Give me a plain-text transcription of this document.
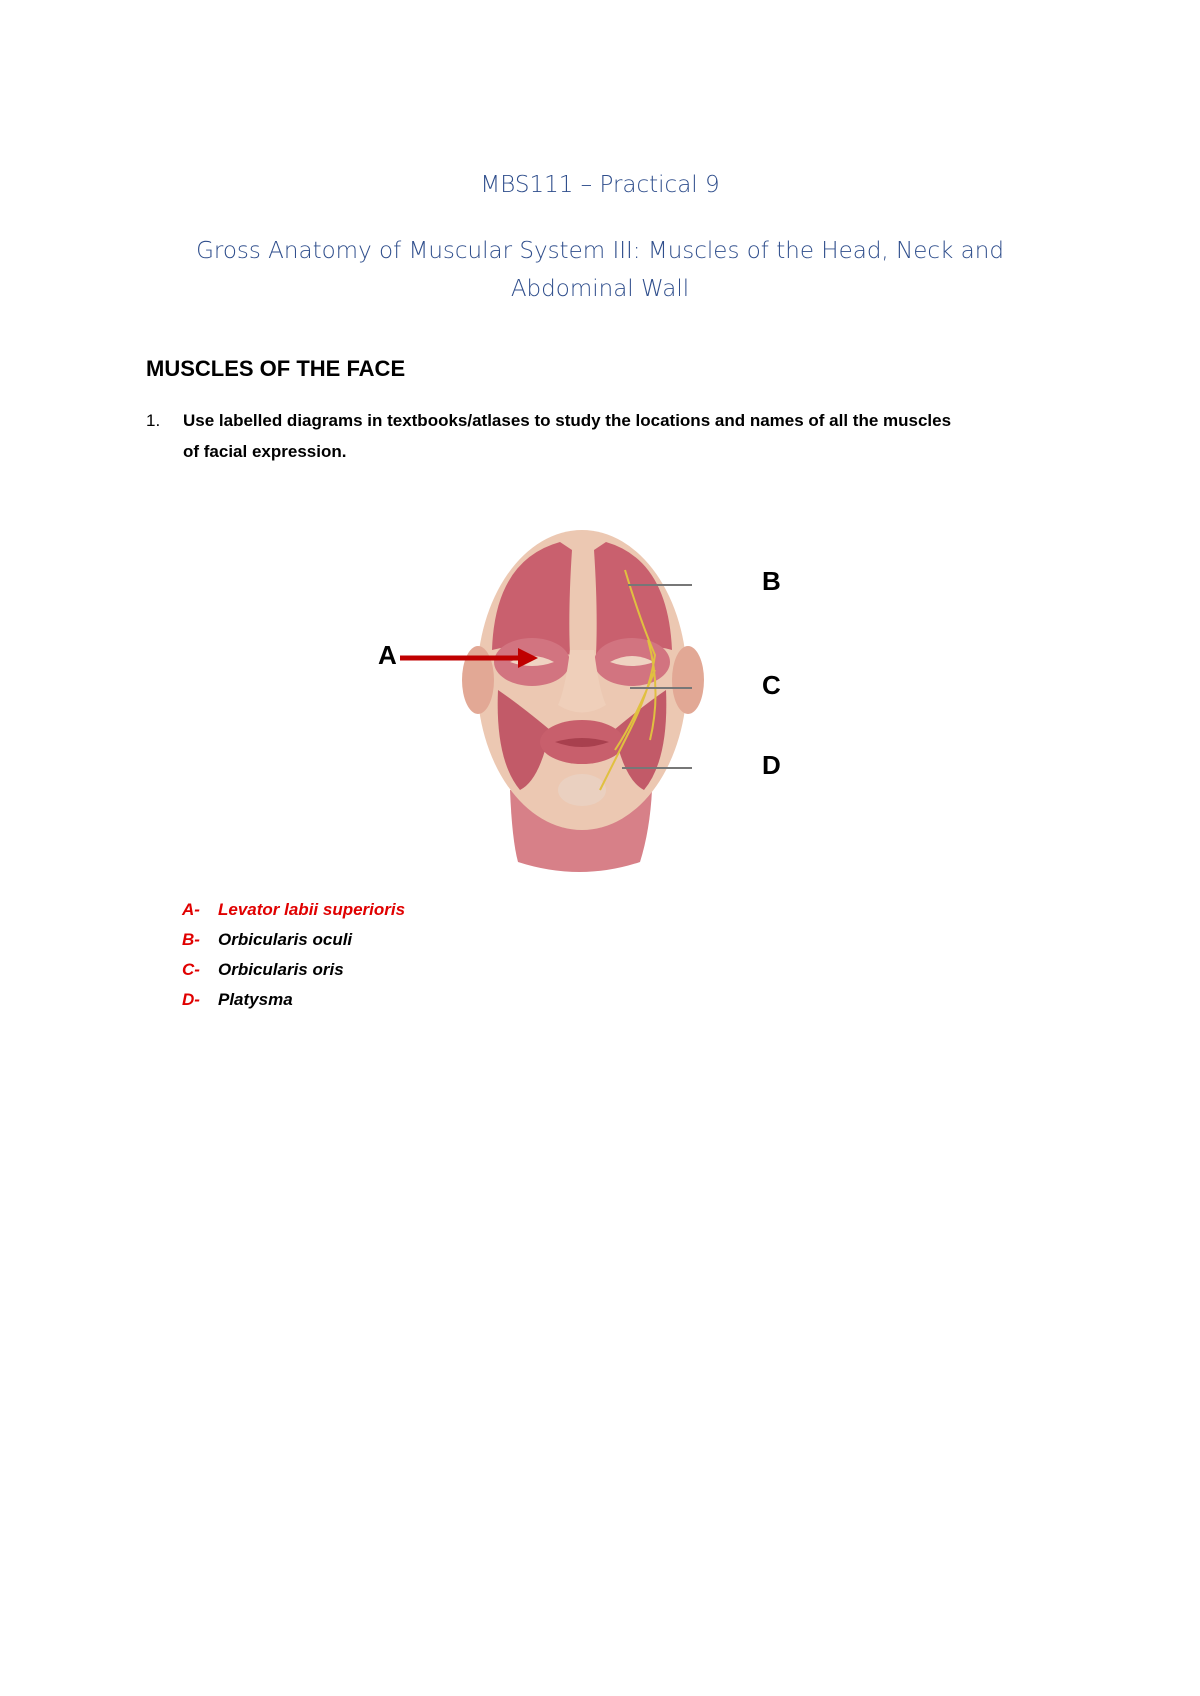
MBS111 – Practical 9
Gross Anatomy of Muscular System III: Muscles of the Head, Neck and
Abdominal Wall
MUSCLES OF THE FACE
1. Use labelled diagrams in textbooks/atlases to study the locations and names of all the muscles
of facial expression.
A
B
C
D
A- Levator labii superioris
B- Orbicularis oculi
C- Orbicularis oris
D- Platysma
